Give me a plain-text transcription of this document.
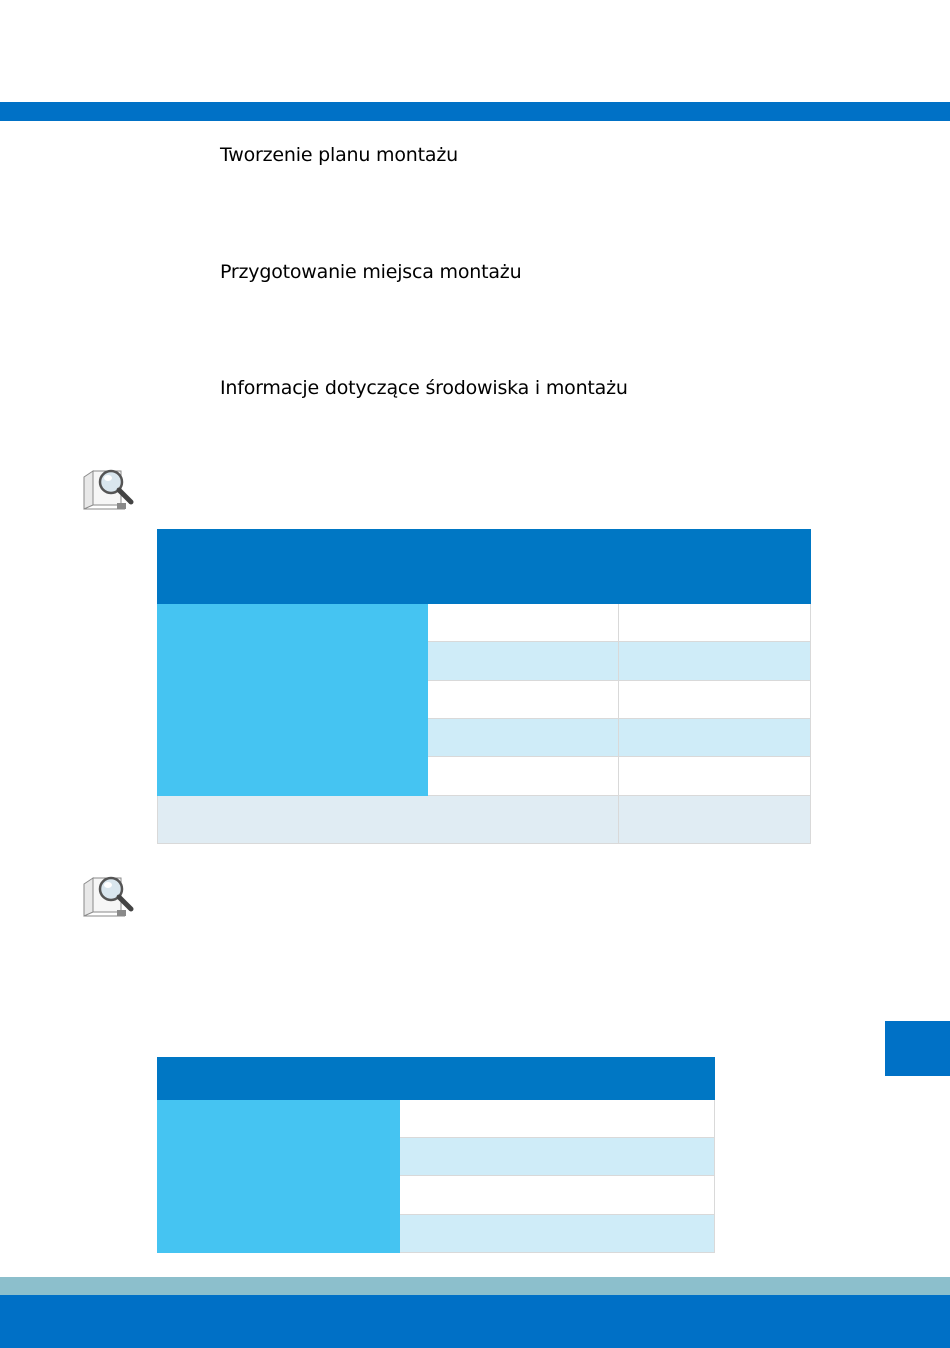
Tworzenie planu montażu
Przygotowanie miejsca montażu
Informacje dotyczące środowiska i montażu
